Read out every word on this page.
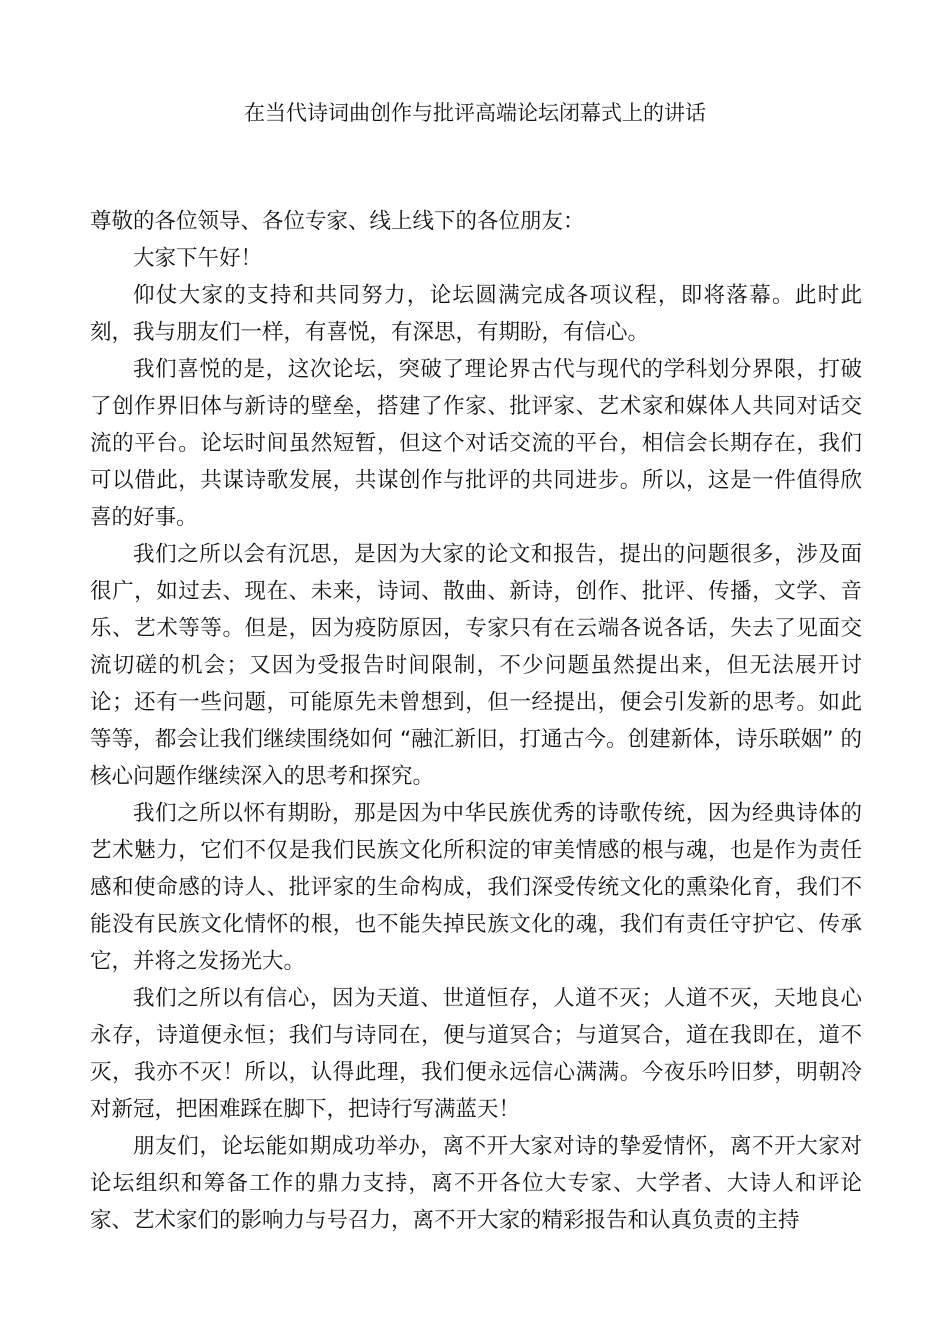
在当代诗词曲创作与批评高端论坛闭幕式上的讲话

尊敬的各位领导、各位专家、线上线下的各位朋友：

大家下午好！

仰仗大家的支持和共同努力，论坛圆满完成各项议程，即将落幕。此时此刻，我与朋友们一样，有喜悦，有深思，有期盼，有信心。

我们喜悦的是，这次论坛，突破了理论界古代与现代的学科划分界限，打破了创作界旧体与新诗的壁垒，搭建了作家、批评家、艺术家和媒体人共同对话交流的平台。论坛时间虽然短暂，但这个对话交流的平台，相信会长期存在，我们可以借此，共谋诗歌发展，共谋创作与批评的共同进步。所以，这是一件值得欣喜的好事。

我们之所以会有沉思，是因为大家的论文和报告，提出的问题很多，涉及面很广，如过去、现在、未来，诗词、散曲、新诗，创作、批评、传播，文学、音乐、艺术等等。但是，因为疫防原因，专家只有在云端各说各话，失去了见面交流切磋的机会；又因为受报告时间限制，不少问题虽然提出来，但无法展开讨论；还有一些问题，可能原先未曾想到，但一经提出，便会引发新的思考。如此等等，都会让我们继续围绕如何 “融汇新旧，打通古今。创建新体，诗乐联姻” 的核心问题作继续深入的思考和探究。

我们之所以怀有期盼，那是因为中华民族优秀的诗歌传统，因为经典诗体的艺术魅力，它们不仅是我们民族文化所积淀的审美情感的根与魂，也是作为责任感和使命感的诗人、批评家的生命构成，我们深受传统文化的熏染化育，我们不能没有民族文化情怀的根，也不能失掉民族文化的魂，我们有责任守护它、传承它，并将之发扬光大。

我们之所以有信心，因为天道、世道恒存，人道不灭；人道不灭，天地良心永存，诗道便永恒；我们与诗同在，便与道冥合；与道冥合，道在我即在，道不灭，我亦不灭！所以，认得此理，我们便永远信心满满。今夜乐吟旧梦，明朝冷对新冠，把困难踩在脚下，把诗行写满蓝天！

朋友们，论坛能如期成功举办，离不开大家对诗的挚爱情怀，离不开大家对论坛组织和筹备工作的鼎力支持，离不开各位大专家、大学者、大诗人和评论家、艺术家们的影响力与号召力，离不开大家的精彩报告和认真负责的主持
